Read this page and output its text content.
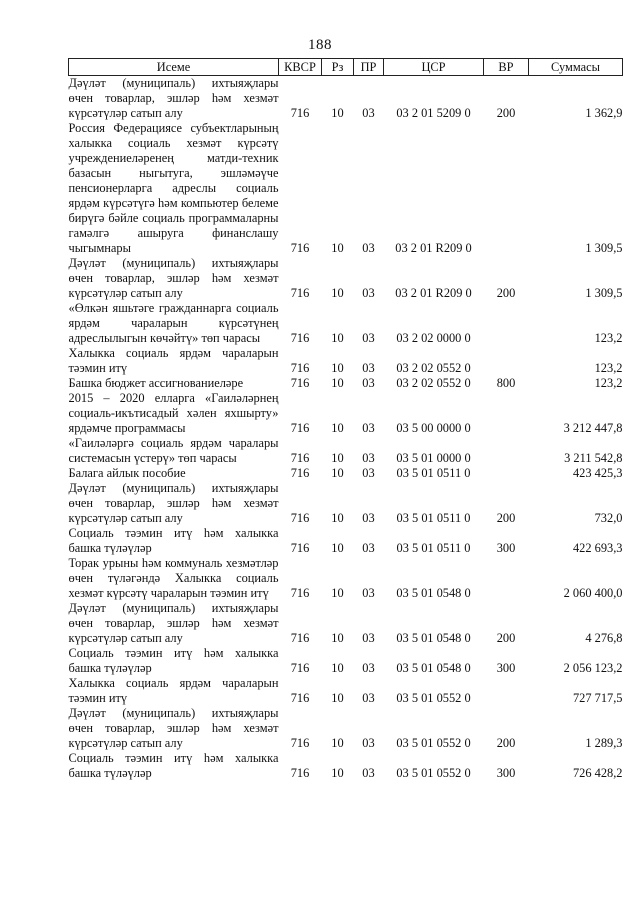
188
Исеме	КВСР	Рз	ПР	ЦСР	ВР	Суммасы
Дәүләт (муниципаль) ихтыяҗлары өчен товарлар, эшләр һәм хезмәт күрсәтүләр сатып алу	716	10	03	03 2 01 5209 0	200	1 362,9
Россия Федерациясе субъектларының халыкка социаль хезмәт күрсәтү учреждениеләренең матди-техник базасын ныгытуга, эшләмәүче пенсионерларга адреслы социаль ярдәм күрсәтүгә һәм компьютер белеме бирүгә бәйле социаль программаларны гамәлгә ашыруга финанслашу чыгымнары	716	10	03	03 2 01 R209 0		1 309,5
Дәүләт (муниципаль) ихтыяҗлары өчен товарлар, эшләр һәм хезмәт күрсәтүләр сатып алу	716	10	03	03 2 01 R209 0	200	1 309,5
«Өлкән яшьтәге гражданнарга социаль ярдәм чараларын күрсәтүнең адреслылыгын көчәйтү» төп чарасы	716	10	03	03 2 02 0000 0		123,2
Халыкка социаль ярдәм чараларын тәэмин итү	716	10	03	03 2 02 0552 0		123,2
Башка бюджет ассигнованиеләре	716	10	03	03 2 02 0552 0	800	123,2
2015 – 2020 елларга «Гаиләләрнең социаль-икътисадый хәлен яхшырту» ярдәмче программасы	716	10	03	03 5 00 0000 0		3 212 447,8
«Гаиләләргә социаль ярдәм чаралары системасын үстерү» төп чарасы	716	10	03	03 5 01 0000 0		3 211 542,8
Балага айлык пособие	716	10	03	03 5 01 0511 0		423 425,3
Дәүләт (муниципаль) ихтыяҗлары өчен товарлар, эшләр һәм хезмәт күрсәтүләр сатып алу	716	10	03	03 5 01 0511 0	200	732,0
Социаль тәэмин итү һәм халыкка башка түләүләр	716	10	03	03 5 01 0511 0	300	422 693,3
Торак урыны һәм коммуналь хезмәтләр өчен түләгәндә Халыкка социаль хезмәт күрсәтү чараларын тәэмин итү	716	10	03	03 5 01 0548 0		2 060 400,0
Дәүләт (муниципаль) ихтыяҗлары өчен товарлар, эшләр һәм хезмәт күрсәтүләр сатып алу	716	10	03	03 5 01 0548 0	200	4 276,8
Социаль тәэмин итү һәм халыкка башка түләүләр	716	10	03	03 5 01 0548 0	300	2 056 123,2
Халыкка социаль ярдәм чараларын тәэмин итү	716	10	03	03 5 01 0552 0		727 717,5
Дәүләт (муниципаль) ихтыяҗлары өчен товарлар, эшләр һәм хезмәт күрсәтүләр сатып алу	716	10	03	03 5 01 0552 0	200	1 289,3
Социаль тәэмин итү һәм халыкка башка түләүләр	716	10	03	03 5 01 0552 0	300	726 428,2
